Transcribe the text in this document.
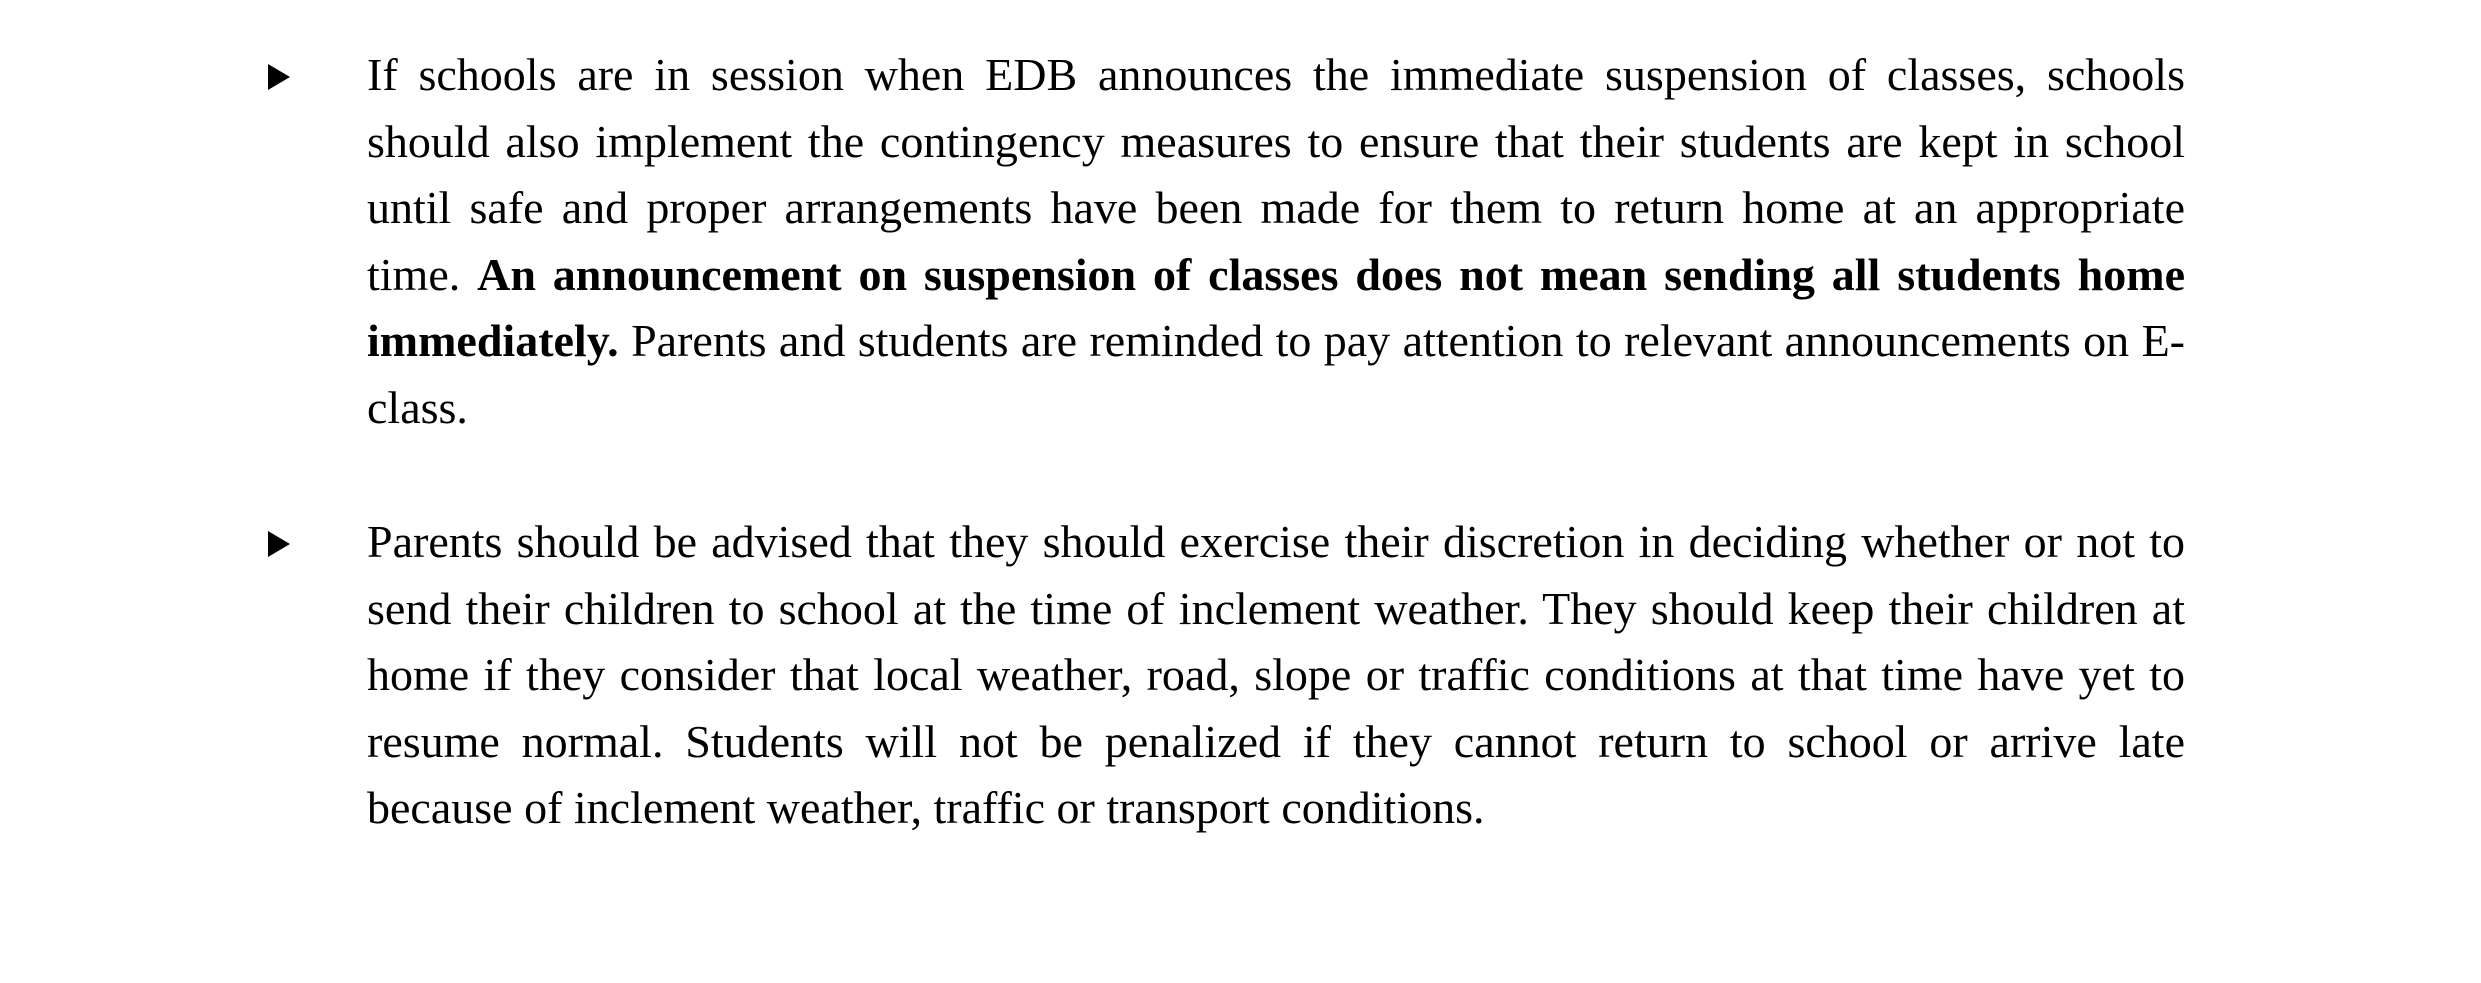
If schools are in session when EDB announces the immediate suspension of classes, schools should also implement the contingency measures to ensure that their students are kept in school until safe and proper arrangements have been made for them to return home at an appropriate time. An announcement on suspension of classes does not mean sending all students home immediately. Parents and students are reminded to pay attention to relevant announcements on E-class.
Parents should be advised that they should exercise their discretion in deciding whether or not to send their children to school at the time of inclement weather. They should keep their children at home if they consider that local weather, road, slope or traffic conditions at that time have yet to resume normal. Students will not be penalized if they cannot return to school or arrive late because of inclement weather, traffic or transport conditions.
